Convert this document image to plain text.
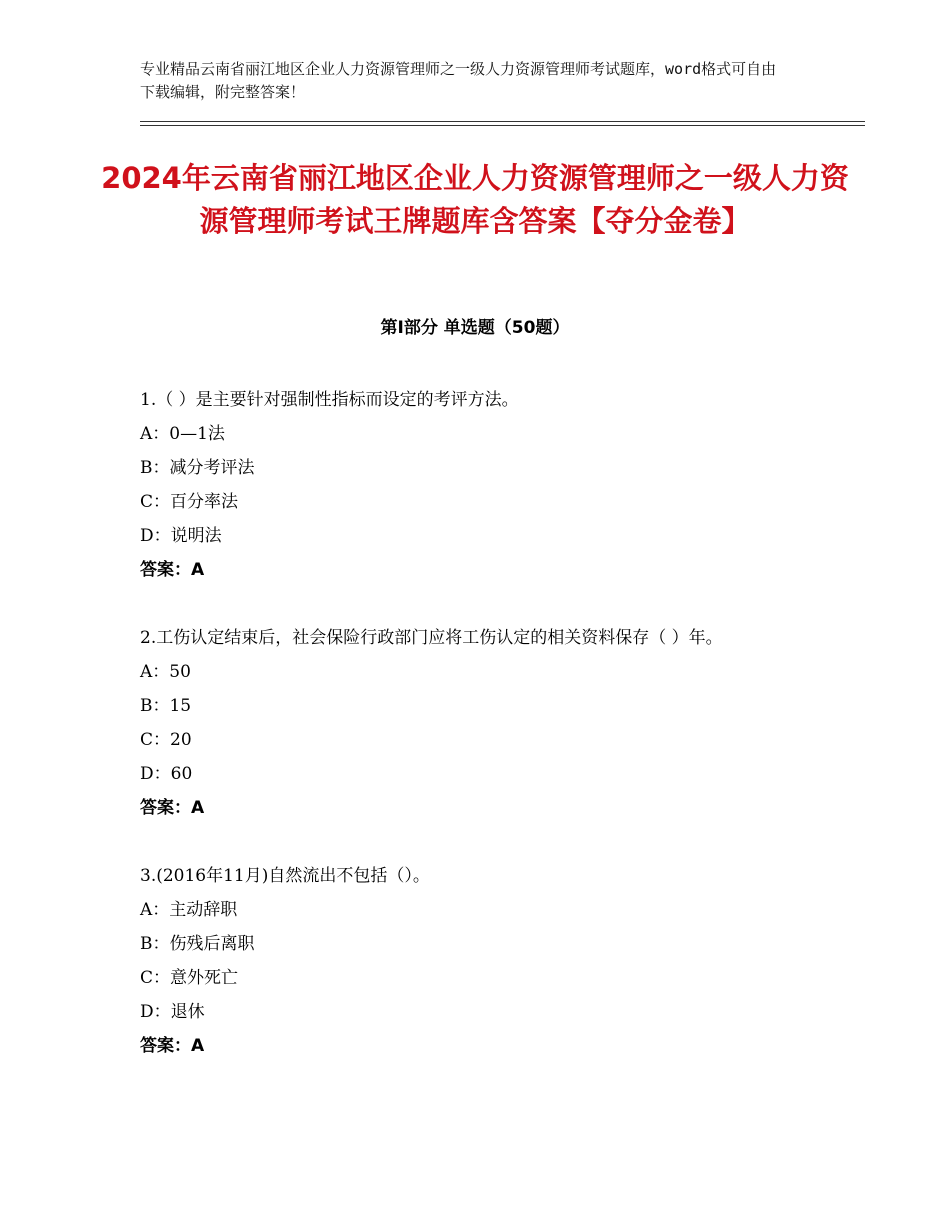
专业精品云南省丽江地区企业人力资源管理师之一级人力资源管理师考试题库，word格式可自由下载编辑，附完整答案！
2024年云南省丽江地区企业人力资源管理师之一级人力资源管理师考试王牌题库含答案【夺分金卷】
第Ⅰ部分 单选题（50题）

1.（ ）是主要针对强制性指标而设定的考评方法。

A：0—1法

B：减分考评法

C：百分率法

D：说明法

答案：A

2.工伤认定结束后，社会保险行政部门应将工伤认定的相关资料保存（ ）年。

A：50

B：15

C：20

D：60

答案：A

3.(2016年11月)自然流出不包括（）。

A：主动辞职

B：伤残后离职

C：意外死亡

D：退休

答案：A
